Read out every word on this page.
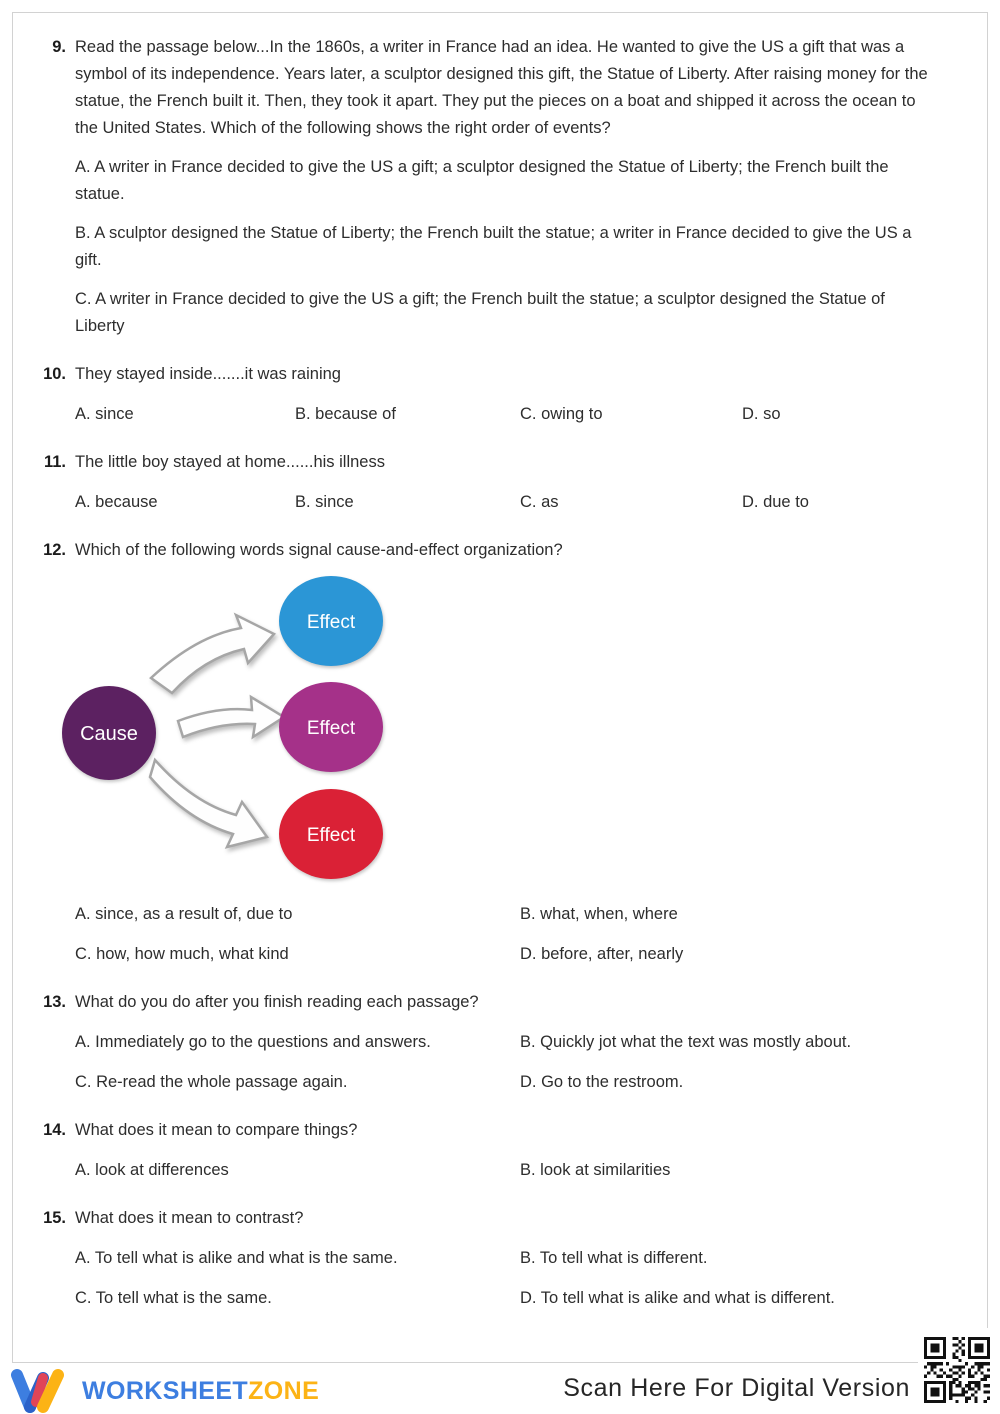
9. Read the passage below...In the 1860s, a writer in France had an idea. He wanted to give the US a gift that was a symbol of its independence. Years later, a sculptor designed this gift, the Statue of Liberty. After raising money for the statue, the French built it. Then, they took it apart. They put the pieces on a boat and shipped it across the ocean to the United States. Which of the following shows the right order of events?
A. A writer in France decided to give the US a gift; a sculptor designed the Statue of Liberty; the French built the statue.
B. A sculptor designed the Statue of Liberty; the French built the statue; a writer in France decided to give the US a gift.
C. A writer in France decided to give the US a gift; the French built the statue; a sculptor designed the Statue of Liberty
10. They stayed inside.......it was raining
A. since	B. because of	C. owing to	D. so
11. The little boy stayed at home......his illness
A. because	B. since	C. as	D. due to
12. Which of the following words signal cause-and-effect organization?
Cause
Effect
Effect
Effect
A. since, as a result of, due to	B. what, when, where
C. how, how much, what kind	D. before, after, nearly
13. What do you do after you finish reading each passage?
A. Immediately go to the questions and answers.	B. Quickly jot what the text was mostly about.
C. Re-read the whole passage again.	D. Go to the restroom.
14. What does it mean to compare things?
A. look at differences	B. look at similarities
15. What does it mean to contrast?
A. To tell what is alike and what is the same.	B. To tell what is different.
C. To tell what is the same.	D. To tell what is alike and what is different.
WORKSHEETZONE	Scan Here For Digital Version
